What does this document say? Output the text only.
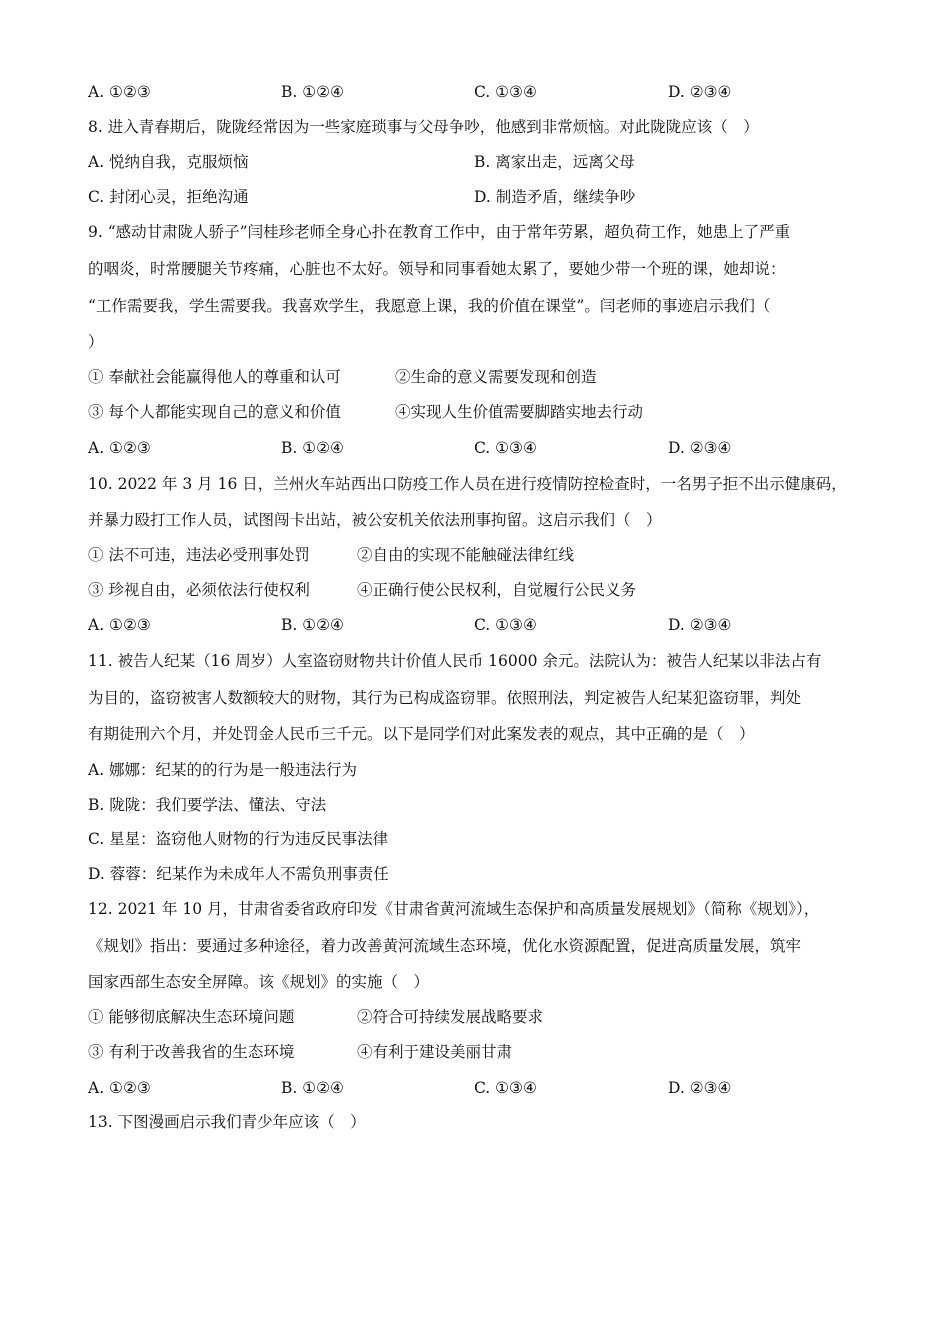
A. ①②③	B. ①②④	C. ①③④	D. ②③④
8. 进入青春期后，陇陇经常因为一些家庭琐事与父母争吵，他感到非常烦恼。对此陇陇应该（　）
A. 悦纳自我，克服烦恼	B. 离家出走，远离父母
C. 封闭心灵，拒绝沟通	D. 制造矛盾，继续争吵
9. “感动甘肃陇人骄子”闫桂珍老师全身心扑在教育工作中，由于常年劳累，超负荷工作，她患上了严重
的咽炎，时常腰腿关节疼痛，心脏也不太好。领导和同事看她太累了，要她少带一个班的课，她却说：
“工作需要我，学生需要我。我喜欢学生，我愿意上课，我的价值在课堂”。闫老师的事迹启示我们（
）
① 奉献社会能赢得他人的尊重和认可	②生命的意义需要发现和创造
③ 每个人都能实现自己的意义和价值	④实现人生价值需要脚踏实地去行动
A. ①②③	B. ①②④	C. ①③④	D. ②③④
10. 2022 年 3 月 16 日，兰州火车站西出口防疫工作人员在进行疫情防控检查时，一名男子拒不出示健康码，
并暴力殴打工作人员，试图闯卡出站，被公安机关依法刑事拘留。这启示我们（　）
① 法不可违，违法必受刑事处罚	②自由的实现不能触碰法律红线
③ 珍视自由，必须依法行使权利	④正确行使公民权利，自觉履行公民义务
A. ①②③	B. ①②④	C. ①③④	D. ②③④
11. 被告人纪某（16 周岁）人室盗窃财物共计价值人民币 16000 余元。法院认为：被告人纪某以非法占有
为目的，盗窃被害人数额较大的财物，其行为已构成盗窃罪。依照刑法，判定被告人纪某犯盗窃罪，判处
有期徒刑六个月，并处罚金人民币三千元。以下是同学们对此案发表的观点，其中正确的是（　）
A. 娜娜：纪某的的行为是一般违法行为
B. 陇陇：我们要学法、懂法、守法
C. 星星：盗窃他人财物的行为违反民事法律
D. 蓉蓉：纪某作为未成年人不需负刑事责任
12. 2021 年 10 月，甘肃省委省政府印发《甘肃省黄河流域生态保护和高质量发展规划》（简称《规划》），
《规划》指出：要通过多种途径，着力改善黄河流域生态环境，优化水资源配置，促进高质量发展，筑牢
国家西部生态安全屏障。该《规划》的实施（　）
① 能够彻底解决生态环境问题	②符合可持续发展战略要求
③ 有利于改善我省的生态环境	④有利于建设美丽甘肃
A. ①②③	B. ①②④	C. ①③④	D. ②③④
13. 下图漫画启示我们青少年应该（　）
